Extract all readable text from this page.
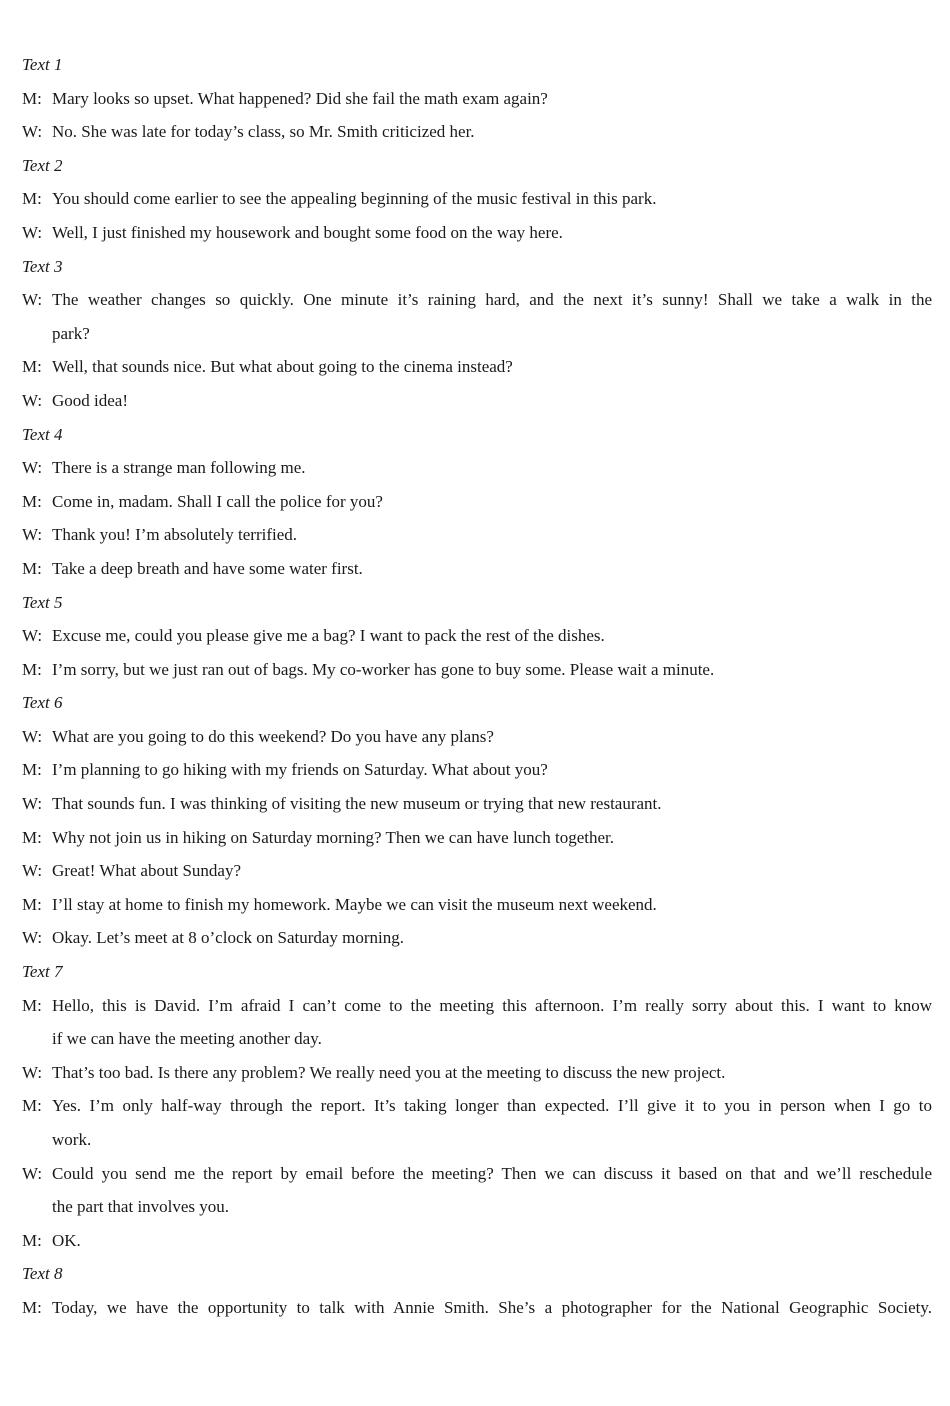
Text 1
M: Mary looks so upset. What happened? Did she fail the math exam again?
W: No. She was late for today’s class, so Mr. Smith criticized her.
Text 2
M: You should come earlier to see the appealing beginning of the music festival in this park.
W: Well, I just finished my housework and bought some food on the way here.
Text 3
W: The weather changes so quickly. One minute it’s raining hard, and the next it’s sunny! Shall we take a walk in the
park?
M: Well, that sounds nice. But what about going to the cinema instead?
W: Good idea!
Text 4
W: There is a strange man following me.
M: Come in, madam. Shall I call the police for you?
W: Thank you! I’m absolutely terrified.
M: Take a deep breath and have some water first.
Text 5
W: Excuse me, could you please give me a bag? I want to pack the rest of the dishes.
M: I’m sorry, but we just ran out of bags. My co-worker has gone to buy some. Please wait a minute.
Text 6
W: What are you going to do this weekend? Do you have any plans?
M: I’m planning to go hiking with my friends on Saturday. What about you?
W: That sounds fun. I was thinking of visiting the new museum or trying that new restaurant.
M: Why not join us in hiking on Saturday morning? Then we can have lunch together.
W: Great! What about Sunday?
M: I’ll stay at home to finish my homework. Maybe we can visit the museum next weekend.
W: Okay. Let’s meet at 8 o’clock on Saturday morning.
Text 7
M: Hello, this is David. I’m afraid I can’t come to the meeting this afternoon. I’m really sorry about this. I want to know
if we can have the meeting another day.
W: That’s too bad. Is there any problem? We really need you at the meeting to discuss the new project.
M: Yes. I’m only half-way through the report. It’s taking longer than expected. I’ll give it to you in person when I go to
work.
W: Could you send me the report by email before the meeting? Then we can discuss it based on that and we’ll reschedule
the part that involves you.
M: OK.
Text 8
M: Today, we have the opportunity to talk with Annie Smith. She’s a photographer for the National Geographic Society.
